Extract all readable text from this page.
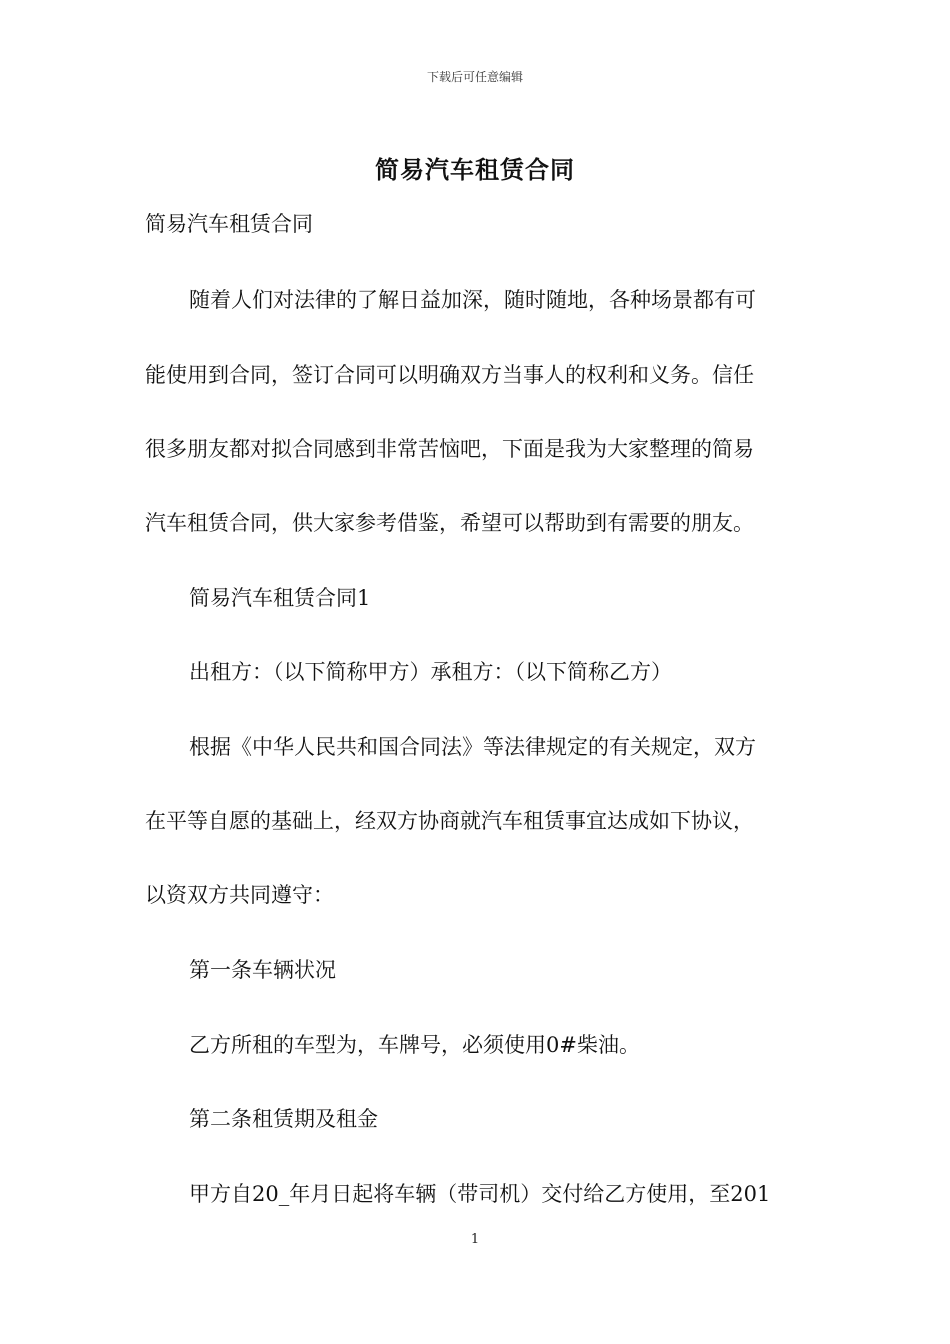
下载后可任意编辑
简易汽车租赁合同

简易汽车租赁合同

随着人们对法律的了解日益加深，随时随地，各种场景都有可

能使用到合同，签订合同可以明确双方当事人的权利和义务。信任

很多朋友都对拟合同感到非常苦恼吧，下面是我为大家整理的简易

汽车租赁合同，供大家参考借鉴，希望可以帮助到有需要的朋友。

简易汽车租赁合同1

出租方：（以下简称甲方）承租方：（以下简称乙方）

根据《中华人民共和国合同法》等法律规定的有关规定，双方

在平等自愿的基础上，经双方协商就汽车租赁事宜达成如下协议，

以资双方共同遵守：

第一条车辆状况

乙方所租的车型为，车牌号，必须使用0#柴油。

第二条租赁期及租金

甲方自20_年月日起将车辆（带司机）交付给乙方使用，至201

1
